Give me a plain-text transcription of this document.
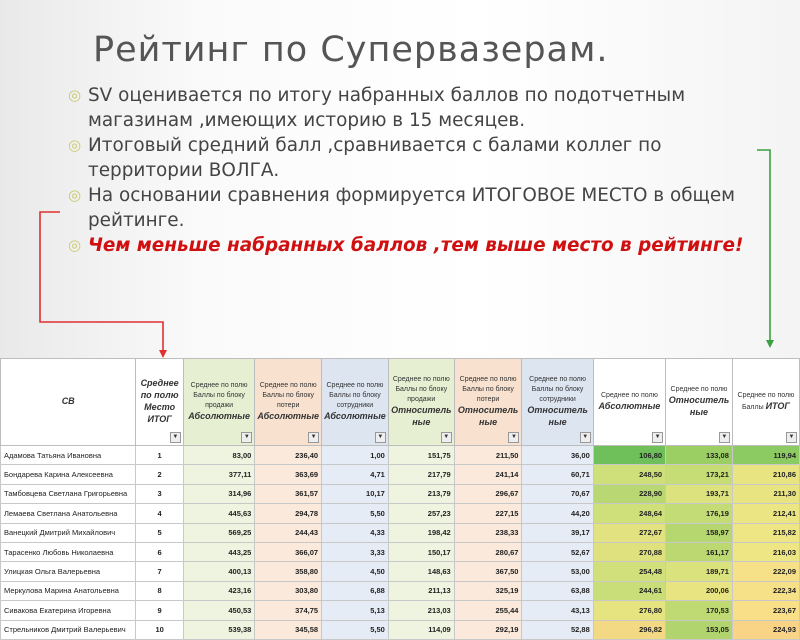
Рейтинг по Супервазерам.
◎ SV оценивается по итогу набранных баллов по подотчетным магазинам ,имеющих историю в 15 месяцев.
◎ Итоговый средний балл ,сравнивается с балами коллег по территории ВОЛГА.
◎ На основании сравнения формируется ИТОГОВОЕ МЕСТО в общем рейтинге.
◎ Чем меньше набранных баллов ,тем выше место в рейтинге!
СВ	Среднее по полю Место ИТОГ
▼	Среднее по полю Баллы по блоку продажи
Абсолютные
▼	Среднее по полю Баллы по блоку потери
Абсолютные
▼	Среднее по полю Баллы по блоку сотрудники
Абсолютные
▼	Среднее по полю Баллы по блоку продажи
Относитель
ные
▼	Среднее по полю Баллы по блоку потери
Относитель
ные
▼	Среднее по полю Баллы по блоку сотрудники
Относитель
ные
▼	Среднее по полю
Абсолютные
▼	Среднее по полю
Относитель
ные
▼	Среднее по полю Баллы ИТОГ
▼

Адамова Татьяна Ивановна	1	83,00	236,40	1,00	151,75	211,50	36,00	106,80	133,08	119,94
Бондарева Карина Алексеевна	2	377,11	363,69	4,71	217,79	241,14	60,71	248,50	173,21	210,86
Тамбовцева Светлана Григорьевна	3	314,96	361,57	10,17	213,79	296,67	70,67	228,90	193,71	211,30
Лемаева Светлана Анатольевна	4	445,63	294,78	5,50	257,23	227,15	44,20	248,64	176,19	212,41
Ванецкий Дмитрий Михайлович	5	569,25	244,43	4,33	198,42	238,33	39,17	272,67	158,97	215,82
Тарасенко Любовь Николаевна	6	443,25	366,07	3,33	150,17	280,67	52,67	270,88	161,17	216,03
Улицкая Ольга Валерьевна	7	400,13	358,80	4,50	148,63	367,50	53,00	254,48	189,71	222,09
Меркулова Марина Анатольевна	8	423,16	303,80	6,88	211,13	325,19	63,88	244,61	200,06	222,34
Сивакова Екатерина Игоревна	9	450,53	374,75	5,13	213,03	255,44	43,13	276,80	170,53	223,67
Стрельников Дмитрий Валерьевич	10	539,38	345,58	5,50	114,09	292,19	52,88	296,82	153,05	224,93
